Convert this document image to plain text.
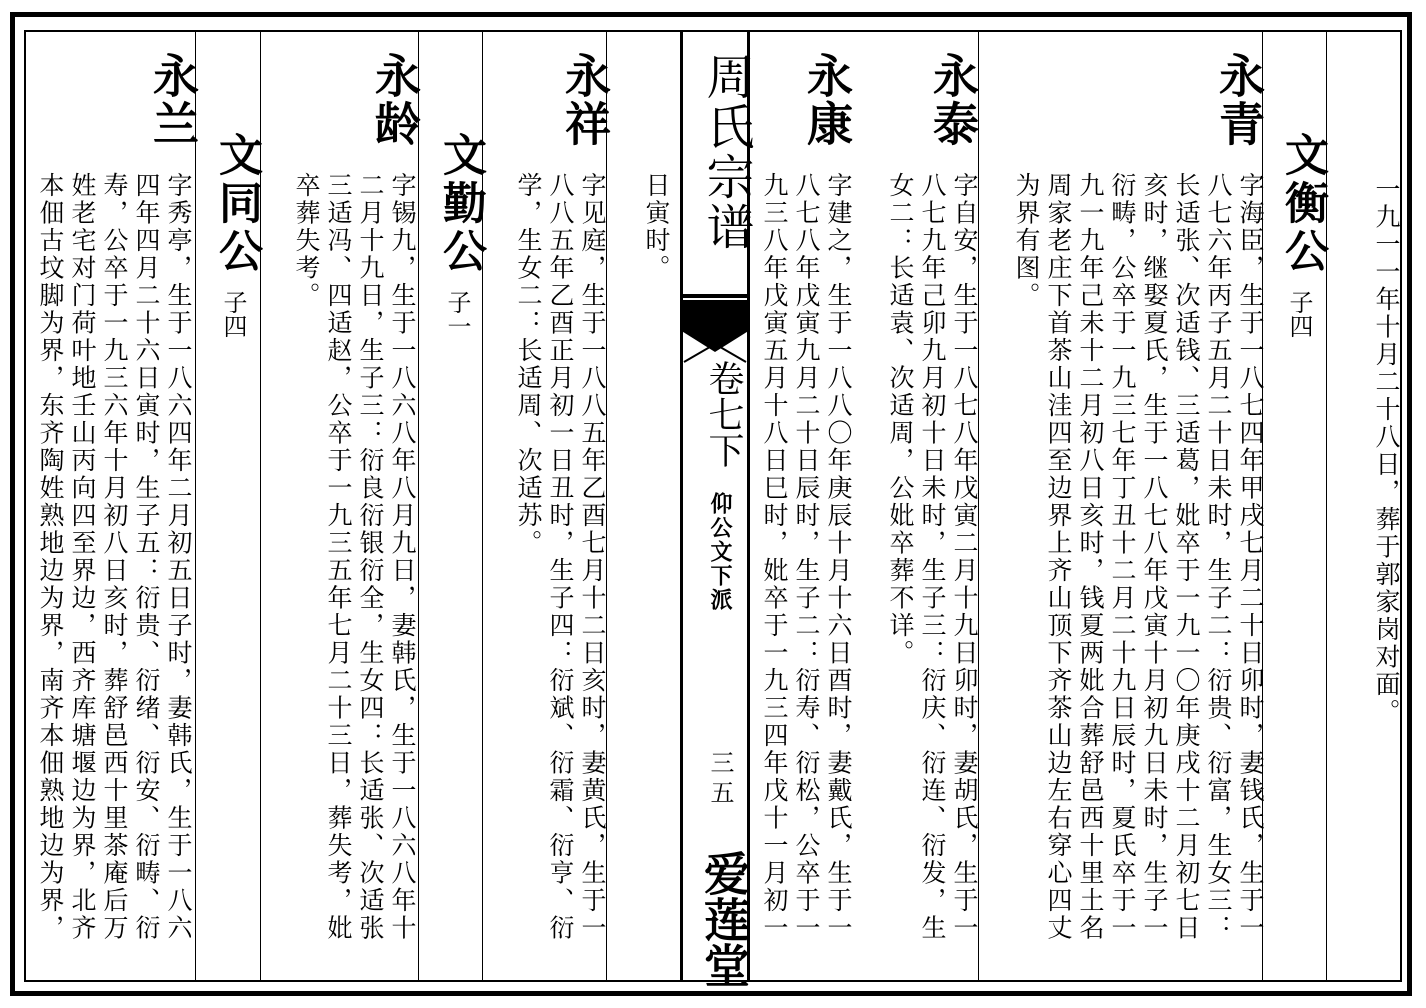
周氏宗谱
卷七下
仰公文下派
三五
爱莲堂
一九一一年十月二十八日，葬于郭家岗对面。
文衡公
子四
永青
字海臣，生于一八七四年甲戌七月二十日卯时，妻钱氏，生于一
八七六年丙子五月二十日未时，生子二：衍贵、衍富，生女三：
长适张、次适钱、三适葛，妣卒于一九一〇年庚戌十二月初七日
亥时，继娶夏氏，生于一八七八年戊寅十月初九日未时，生子一
衍畴，公卒于一九三七年丁丑十二月二十九日辰时，夏氏卒于一
九一九年己未十二月初八日亥时，钱夏两妣合葬舒邑西十里土名
周家老庄下首茶山洼四至边界上齐山顶下齐茶山边左右穿心四丈
为界有图。
永泰
字自安，生于一八七八年戊寅二月十九日卯时，妻胡氏，生于一
八七九年己卯九月初十日未时，生子三：衍庆、衍连、衍发，生
女二：长适袁、次适周，公妣卒葬不详。
永康
字建之，生于一八八〇年庚辰十月十六日酉时，妻戴氏，生于一
八七八年戊寅九月二十日辰时，生子二：衍寿、衍松，公卒于一
九三八年戊寅五月十八日巳时，妣卒于一九三四年戊十一月初一
日寅时。
永祥
字见庭，生于一八八五年乙酉七月十二日亥时，妻黄氏，生于一
八八五年乙酉正月初一日丑时，生子四：衍斌、衍霜、衍亨、衍
学，生女二：长适周、次适苏。
文勤公
子一
永龄
字锡九，生于一八六八年八月九日，妻韩氏，生于一八六八年十
二月十九日，生子三：衍良衍银衍全，生女四：长适张、次适张
三适冯、四适赵，公卒于一九三五年七月二十三日，葬失考，妣
卒葬失考。
文同公
子四
永兰
字秀亭，生于一八六四年二月初五日子时，妻韩氏，生于一八六
四年四月二十六日寅时，生子五：衍贵、衍绪、衍安、衍畴、衍
寿，公卒于一九三六年十月初八日亥时，葬舒邑西十里茶庵后万
姓老宅对门荷叶地壬山丙向四至界边，西齐库塘堰边为界，北齐
本佃古坟脚为界，东齐陶姓熟地边为界，南齐本佃熟地边为界，
